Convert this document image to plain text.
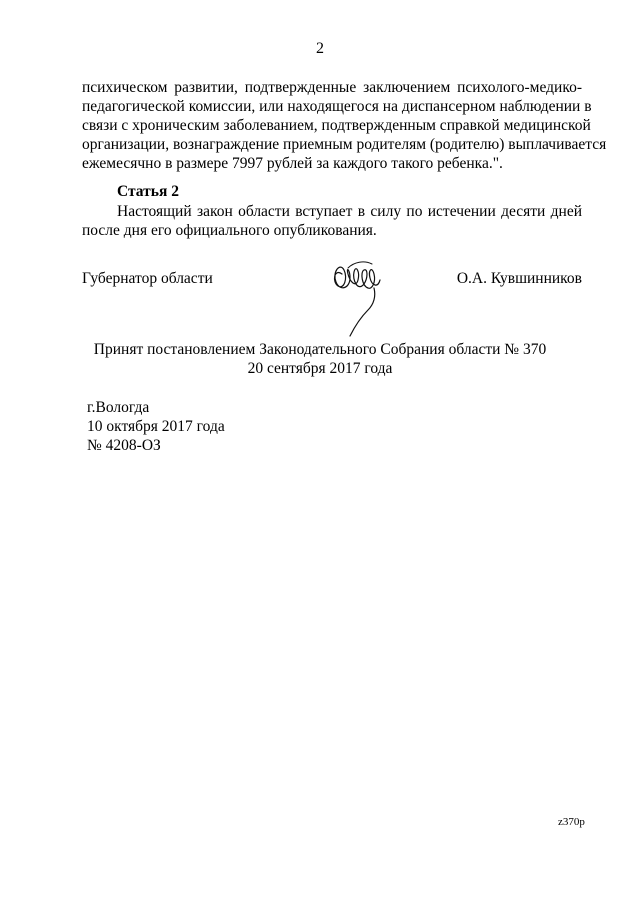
2
психическом развитии, подтвержденные заключением психолого-медико-
педагогической комиссии, или находящегося на диспансерном наблюдении в
связи с хроническим заболеванием, подтвержденным справкой медицинской
организации, вознаграждение приемным родителям (родителю) выплачивается
ежемесячно в размере 7997 рублей за каждого такого ребенка.".
Статья 2
Настоящий закон области вступает в силу по истечении десяти дней
после дня его официального опубликования.
Губернатор области	О.А. Кувшинников
Принят постановлением Законодательного Собрания области № 370
20 сентября 2017 года
г.Вологда
10 октября 2017 года
№ 4208-ОЗ
z370p
